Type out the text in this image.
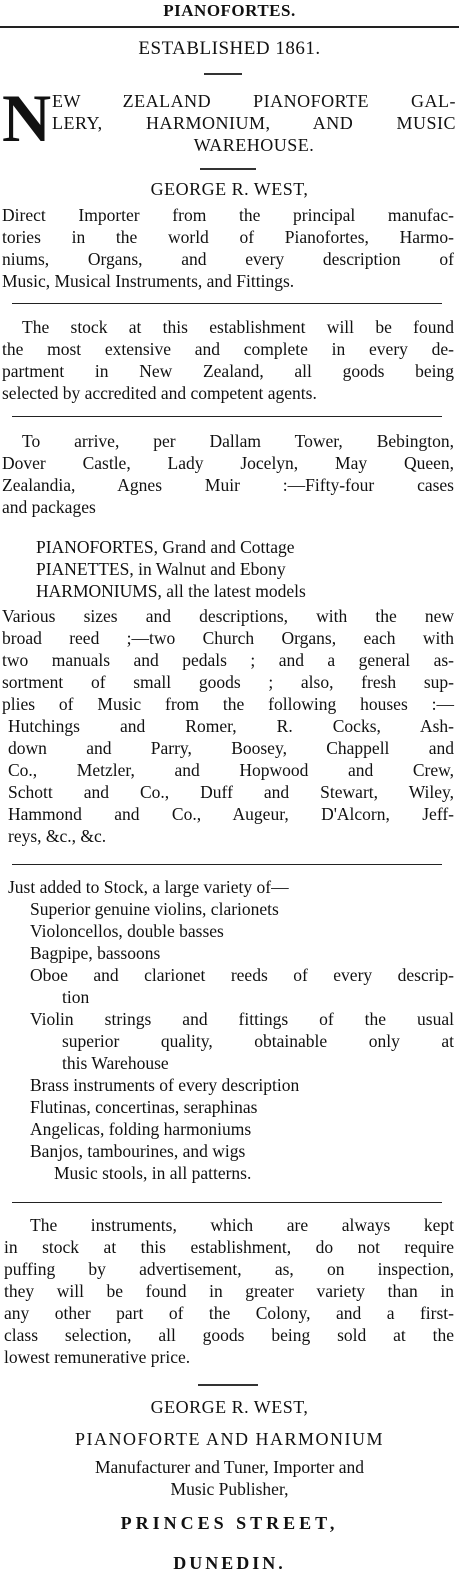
PIANOFORTES.
ESTABLISHED 1861.
N EW ZEALAND PIANOFORTE GAL-
LERY, HARMONIUM, AND MUSIC
WAREHOUSE.
GEORGE R. WEST,
Direct Importer from the principal manufac-
tories in the world of Pianofortes, Harmo-
niums, Organs, and every description of
Music, Musical Instruments, and Fittings.
The stock at this establishment will be found
the most extensive and complete in every de-
partment in New Zealand, all goods being
selected by accredited and competent agents.
To arrive, per Dallam Tower, Bebington,
Dover Castle, Lady Jocelyn, May Queen,
Zealandia, Agnes Muir :—Fifty-four cases
and packages
PIANOFORTES, Grand and Cottage
PIANETTES, in Walnut and Ebony
HARMONIUMS, all the latest models
Various sizes and descriptions, with the new
broad reed ;—two Church Organs, each with
two manuals and pedals ; and a general as-
sortment of small goods ; also, fresh sup-
plies of Music from the following houses :—
Hutchings and Romer, R. Cocks, Ash-
down and Parry, Boosey, Chappell and
Co., Metzler, and Hopwood and Crew,
Schott and Co., Duff and Stewart, Wiley,
Hammond and Co., Augeur, D'Alcorn, Jeff-
reys, &c., &c.
Just added to Stock, a large variety of—
Superior genuine violins, clarionets
Violoncellos, double basses
Bagpipe, bassoons
Oboe and clarionet reeds of every descrip-
tion
Violin strings and fittings of the usual
superior quality, obtainable only at
this Warehouse
Brass instruments of every description
Flutinas, concertinas, seraphinas
Angelicas, folding harmoniums
Banjos, tambourines, and wigs
Music stools, in all patterns.
The instruments, which are always kept
in stock at this establishment, do not require
puffing by advertisement, as, on inspection,
they will be found in greater variety than in
any other part of the Colony, and a first-
class selection, all goods being sold at the
lowest remunerative price.
GEORGE R. WEST,
PIANOFORTE AND HARMONIUM
Manufacturer and Tuner, Importer and
Music Publisher,
PRINCES STREET,
DUNEDIN.
